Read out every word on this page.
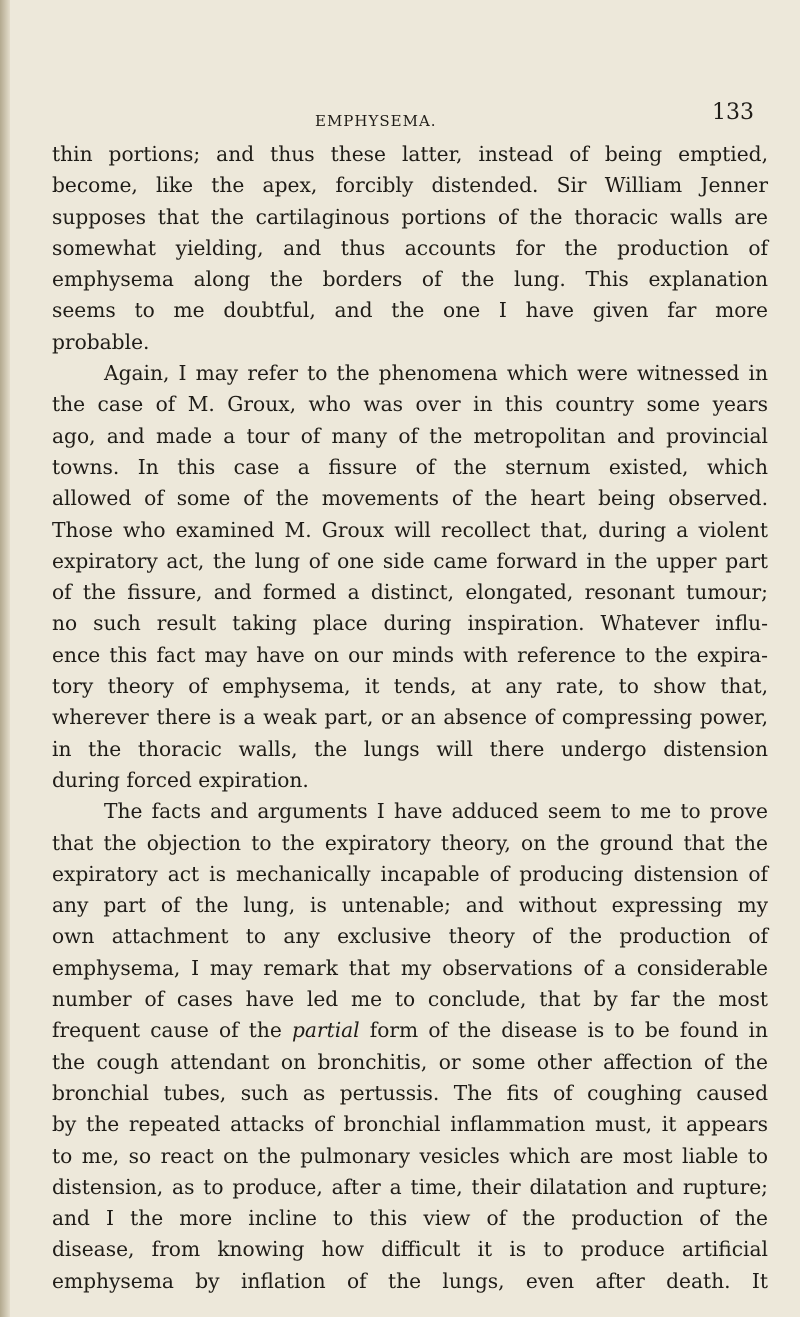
EMPHYSEMA.	133
thin portions; and thus these latter, instead of being emptied,
become, like the apex, forcibly distended. Sir William Jenner
supposes that the cartilaginous portions of the thoracic walls are
somewhat yielding, and thus accounts for the production of
emphysema along the borders of the lung. This explanation
seems to me doubtful, and the one I have given far more
probable.
Again, I may refer to the phenomena which were witnessed in
the case of M. Groux, who was over in this country some years
ago, and made a tour of many of the metropolitan and provincial
towns. In this case a fissure of the sternum existed, which
allowed of some of the movements of the heart being observed.
Those who examined M. Groux will recollect that, during a violent
expiratory act, the lung of one side came forward in the upper part
of the fissure, and formed a distinct, elongated, resonant tumour;
no such result taking place during inspiration. Whatever influ-
ence this fact may have on our minds with reference to the expira-
tory theory of emphysema, it tends, at any rate, to show that,
wherever there is a weak part, or an absence of compressing power,
in the thoracic walls, the lungs will there undergo distension
during forced expiration.
The facts and arguments I have adduced seem to me to prove
that the objection to the expiratory theory, on the ground that the
expiratory act is mechanically incapable of producing distension of
any part of the lung, is untenable; and without expressing my
own attachment to any exclusive theory of the production of
emphysema, I may remark that my observations of a considerable
number of cases have led me to conclude, that by far the most
frequent cause of the partial form of the disease is to be found in
the cough attendant on bronchitis, or some other affection of the
bronchial tubes, such as pertussis. The fits of coughing caused
by the repeated attacks of bronchial inflammation must, it appears
to me, so react on the pulmonary vesicles which are most liable to
distension, as to produce, after a time, their dilatation and rupture;
and I the more incline to this view of the production of the
disease, from knowing how difficult it is to produce artificial
emphysema by inflation of the lungs, even after death. It
